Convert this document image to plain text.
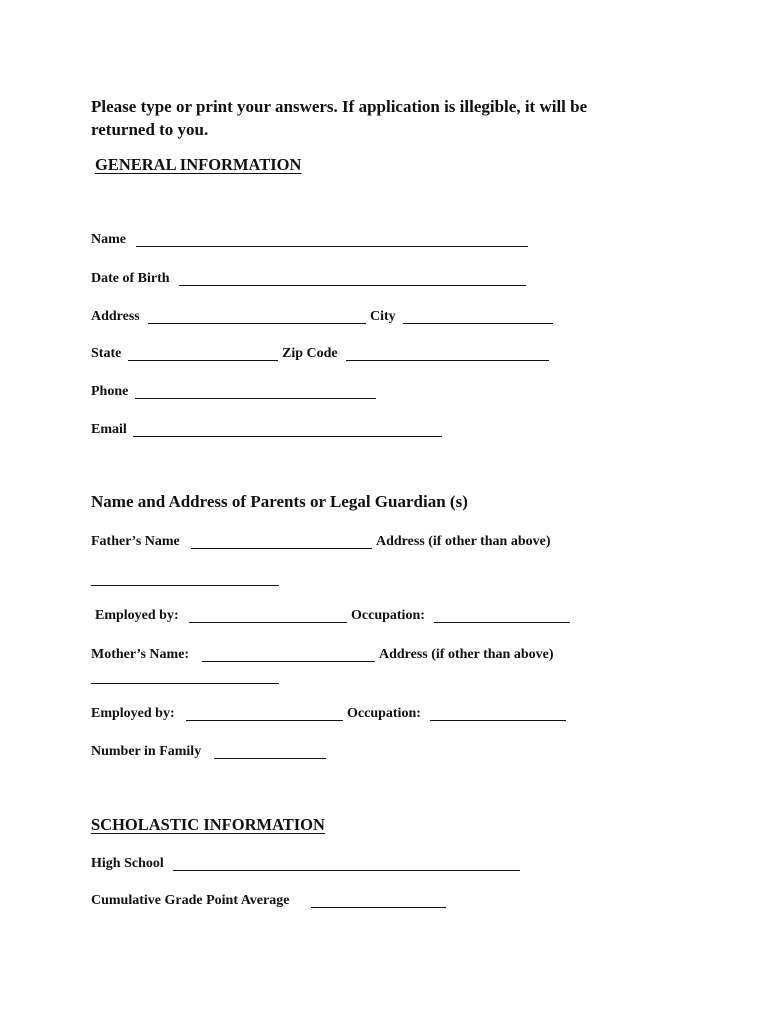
Please type or print your answers. If application is illegible, it will be returned to you.
GENERAL INFORMATION
Name
Date of Birth
Address	City
State	Zip Code
Phone
Email
Name and Address of Parents or Legal Guardian (s)
Father’s Name	Address (if other than above)
Employed by:	Occupation:
Mother’s Name:	Address (if other than above)
Employed by:	Occupation:
Number in Family
SCHOLASTIC INFORMATION
High School
Cumulative Grade Point Average
